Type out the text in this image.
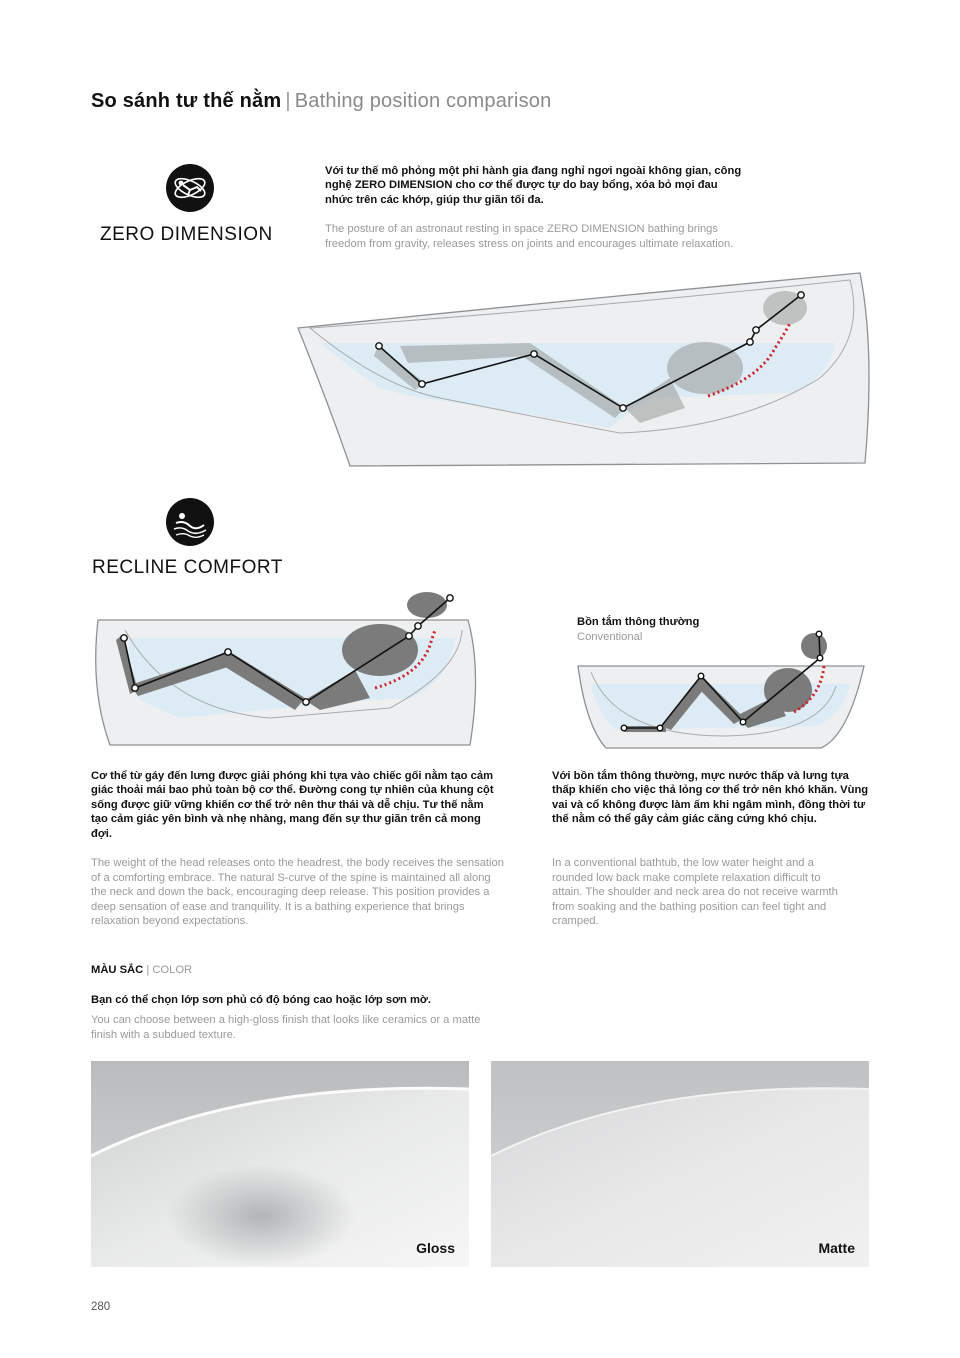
So sánh tư thế nằm | Bathing position comparison
ZERO DIMENSION
Với tư thế mô phỏng một phi hành gia đang nghỉ ngơi ngoài không gian, công nghệ ZERO DIMENSION cho cơ thể được tự do bay bổng, xóa bỏ mọi đau nhức trên các khớp, giúp thư giãn tối đa.
The posture of an astronaut resting in space ZERO DIMENSION bathing brings freedom from gravity, releases stress on joints and encourages ultimate relaxation.
RECLINE COMFORT
Bồn tắm thông thường
Conventional
Cơ thể từ gáy đến lưng được giải phóng khi tựa vào chiếc gối nằm tạo cảm giác thoải mái bao phủ toàn bộ cơ thể. Đường cong tự nhiên của khung cột sống được giữ vững khiến cơ thể trở nên thư thái và dễ chịu. Tư thế nằm tạo cảm giác yên bình và nhẹ nhàng, mang đến sự thư giãn trên cả mong đợi.
The weight of the head releases onto the headrest, the body receives the sensation of a comforting embrace. The natural S-curve of the spine is maintained all along the neck and down the back, encouraging deep release. This position provides a deep sensation of ease and tranquility. It is a bathing experience that brings relaxation beyond expectations.
Với bồn tắm thông thường, mực nước thấp và lưng tựa thấp khiến cho việc thả lỏng cơ thể trở nên khó khăn. Vùng vai và cổ không được làm ấm khi ngâm mình, đồng thời tư thế nằm có thể gây cảm giác căng cứng khó chịu.
In a conventional bathtub, the low water height and a rounded low back make complete relaxation difficult to attain. The shoulder and neck area do not receive warmth from soaking and the bathing position can feel tight and cramped.
MÀU SẮC | COLOR
Bạn có thể chọn lớp sơn phủ có độ bóng cao hoặc lớp sơn mờ.
You can choose between a high-gloss finish that looks like ceramics or a matte finish with a subdued texture.
Gloss	Matte
280
